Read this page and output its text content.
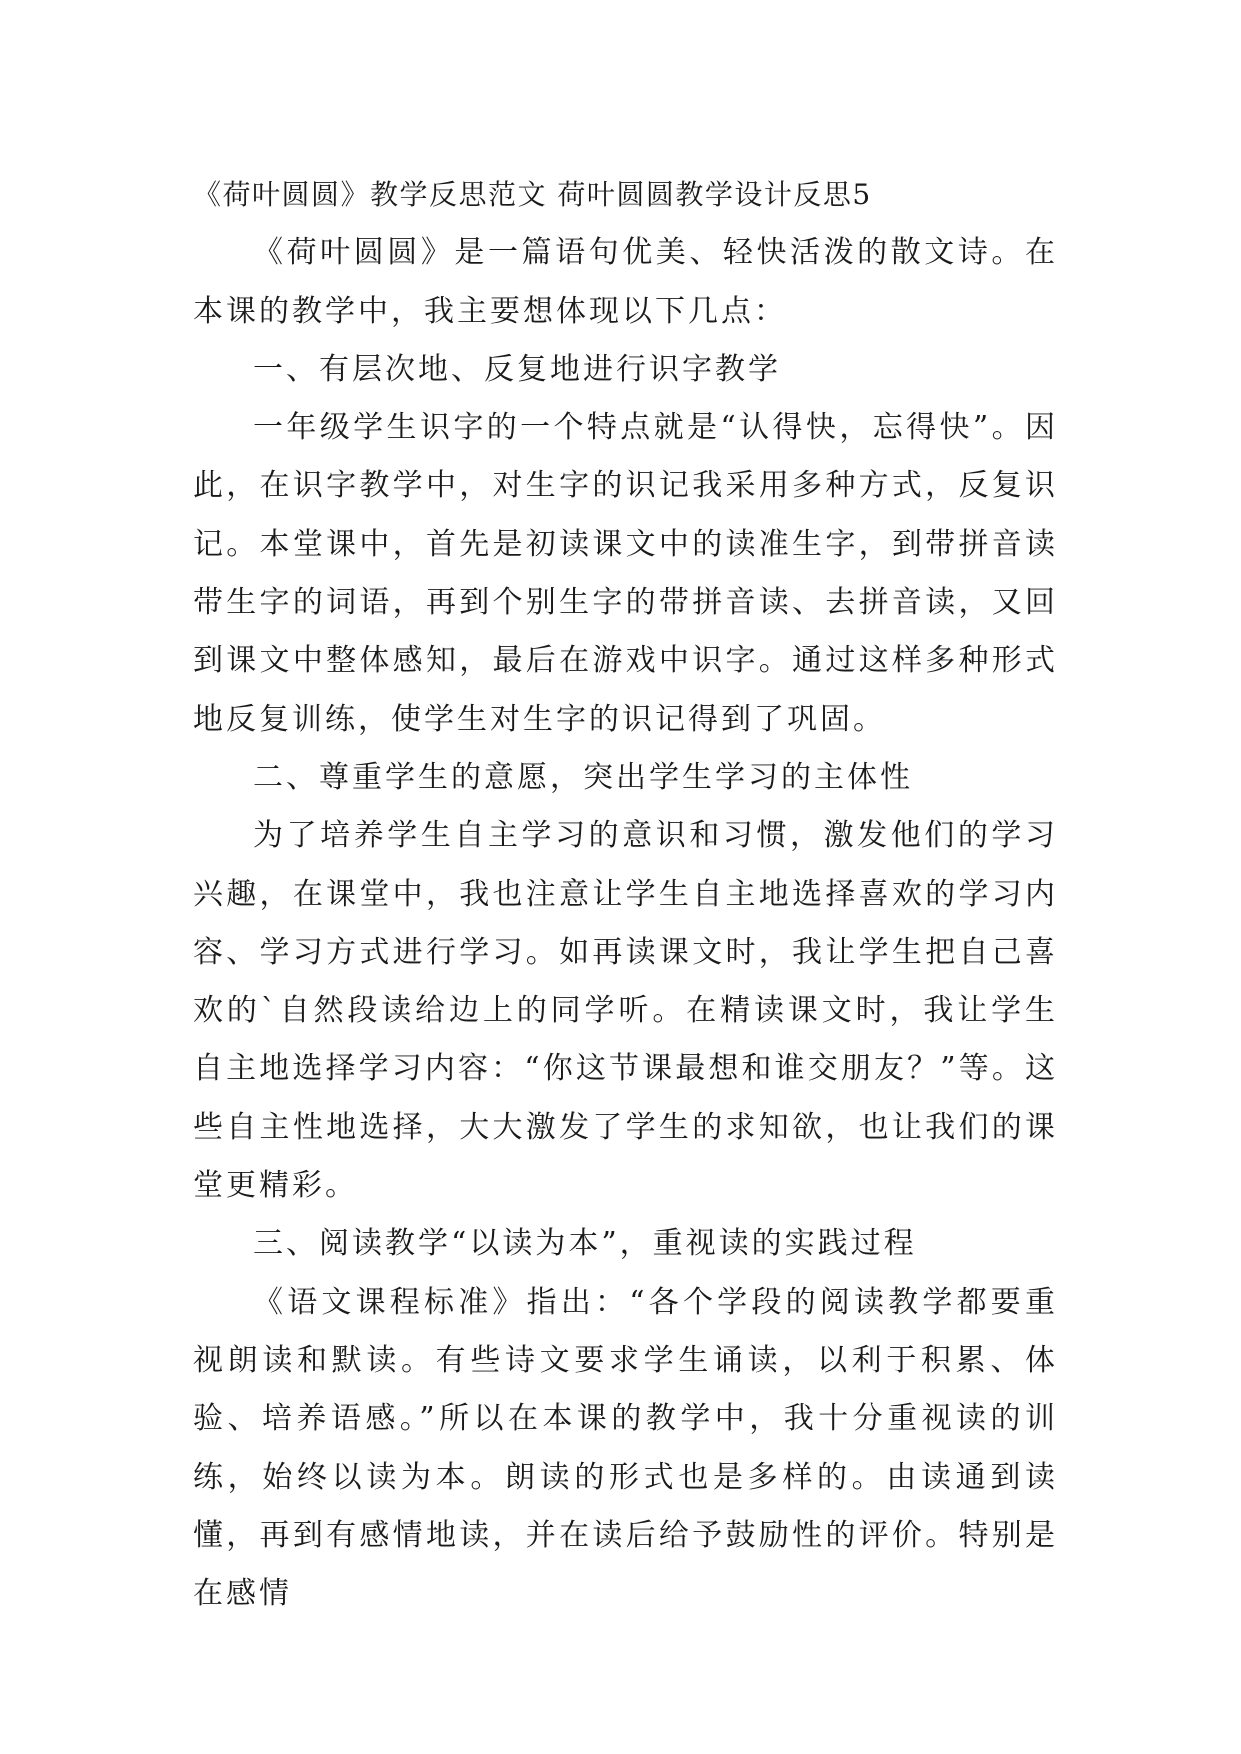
《荷叶圆圆》教学反思范文 荷叶圆圆教学设计反思5

《荷叶圆圆》是一篇语句优美、轻快活泼的散文诗。在本课的教学中，我主要想体现以下几点：

一、有层次地、反复地进行识字教学

一年级学生识字的一个特点就是“认得快，忘得快”。因此，在识字教学中，对生字的识记我采用多种方式，反复识记。本堂课中，首先是初读课文中的读准生字，到带拼音读带生字的词语，再到个别生字的带拼音读、去拼音读，又回到课文中整体感知，最后在游戏中识字。通过这样多种形式地反复训练，使学生对生字的识记得到了巩固。

二、尊重学生的意愿，突出学生学习的主体性

为了培养学生自主学习的意识和习惯，激发他们的学习兴趣，在课堂中，我也注意让学生自主地选择喜欢的学习内容、学习方式进行学习。如再读课文时，我让学生把自己喜欢的`自然段读给边上的同学听。在精读课文时，我让学生自主地选择学习内容：“你这节课最想和谁交朋友？”等。这些自主性地选择，大大激发了学生的求知欲，也让我们的课堂更精彩。

三、阅读教学“以读为本”，重视读的实践过程

《语文课程标准》指出：“各个学段的阅读教学都要重视朗读和默读。有些诗文要求学生诵读，以利于积累、体验、培养语感。”所以在本课的教学中，我十分重视读的训练，始终以读为本。朗读的形式也是多样的。由读通到读懂，再到有感情地读，并在读后给予鼓励性的评价。特别是在感情
